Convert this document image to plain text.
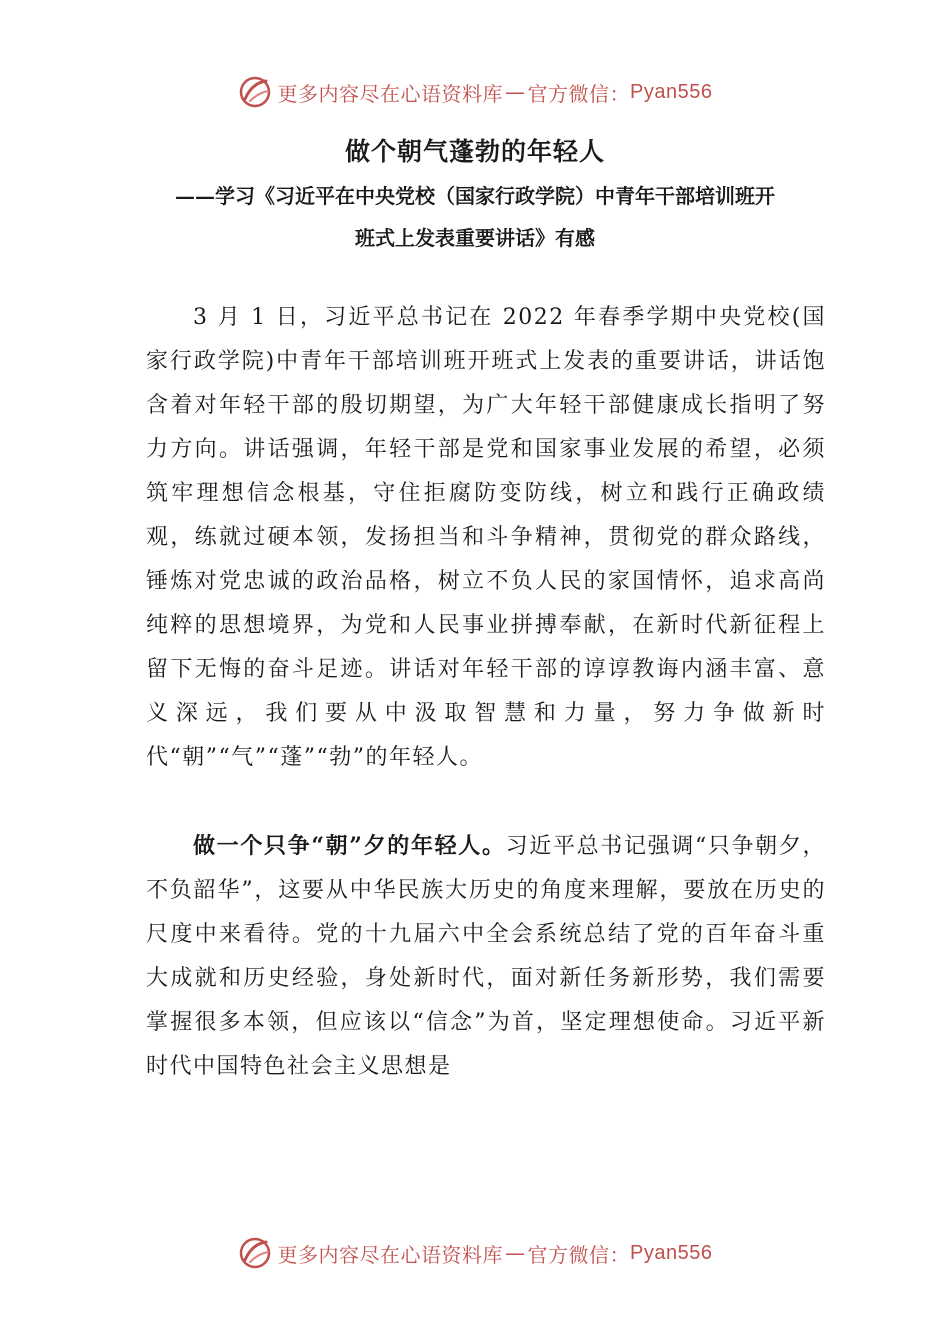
更多内容尽在心语资料库 — 官方微信： Pyan556
做个朝气蓬勃的年轻人
——学习《习近平在中央党校（国家行政学院）中青年干部培训班开
班式上发表重要讲话》有感

3 月 1 日，习近平总书记在 2022 年春季学期中央党校(国家行政学院)中青年干部培训班开班式上发表的重要讲话，讲话饱含着对年轻干部的殷切期望，为广大年轻干部健康成长指明了努力方向。讲话强调，年轻干部是党和国家事业发展的希望，必须筑牢理想信念根基，守住拒腐防变防线，树立和践行正确政绩观，练就过硬本领，发扬担当和斗争精神，贯彻党的群众路线，锤炼对党忠诚的政治品格，树立不负人民的家国情怀，追求高尚纯粹的思想境界，为党和人民事业拼搏奉献，在新时代新征程上留下无悔的奋斗足迹。讲话对年轻干部的谆谆教诲内涵丰富、意义深远，我们要从中汲取智慧和力量，努力争做新时代“朝”“气”“蓬”“勃”的年轻人。

做一个只争“朝”夕的年轻人。习近平总书记强调“只争朝夕，不负韶华”，这要从中华民族大历史的角度来理解，要放在历史的尺度中来看待。党的十九届六中全会系统总结了党的百年奋斗重大成就和历史经验，身处新时代，面对新任务新形势，我们需要掌握很多本领，但应该以“信念”为首，坚定理想使命。习近平新时代中国特色社会主义思想是

更多内容尽在心语资料库 — 官方微信： Pyan556
